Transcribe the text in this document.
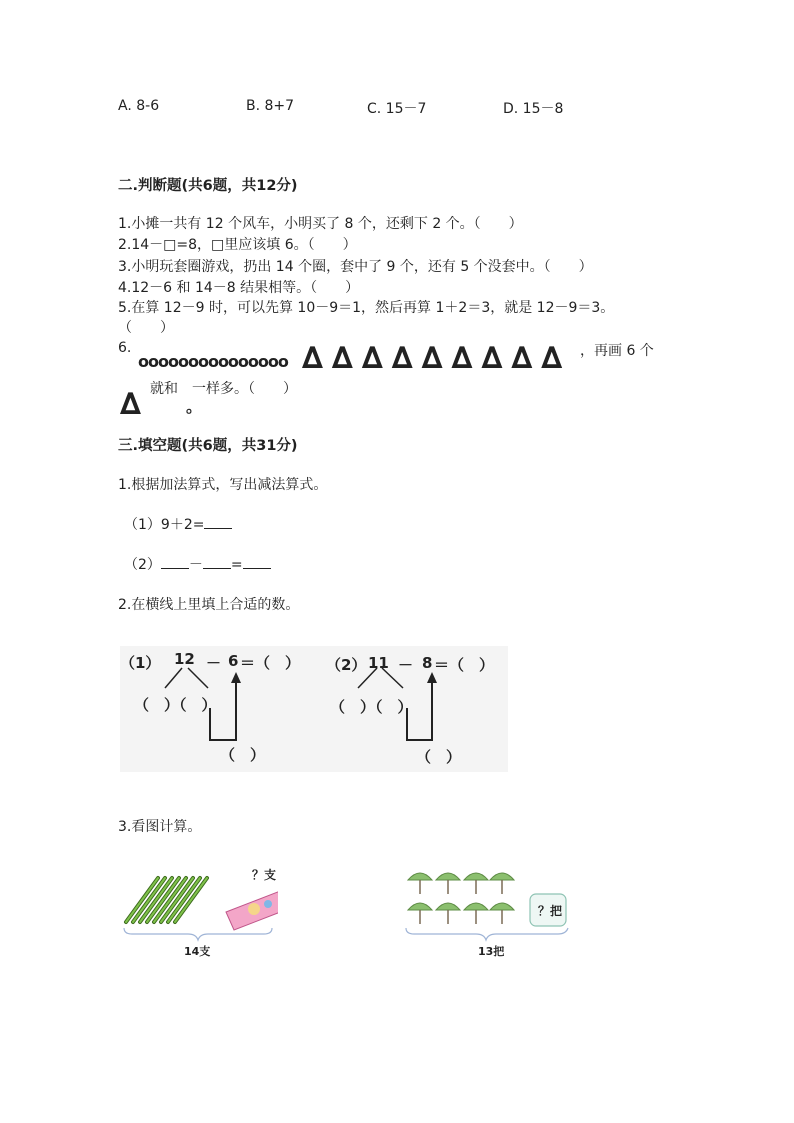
A. 8-6	B. 8+7	C. 15－7	D. 15－8
二.判断题(共6题，共12分)
1.小摊一共有 12 个风车，小明买了 8 个，还剩下 2 个。（　　）
2.14－□=8，□里应该填 6。（　　）
3.小明玩套圈游戏，扔出 14 个圈，套中了 9 个，还有 5 个没套中。（　　）
4.12－6 和 14－8 结果相等。（　　）
5.在算 12－9 时，可以先算 10－9＝1，然后再算 1＋2＝3，就是 12－9＝3。
（　　）
6.
ooooooooooooooo ∆ ∆ ∆ ∆ ∆ ∆ ∆ ∆ ∆ ，再画 6 个
就和　一样多。（　　）
∆	。
三.填空题(共6题，共31分)
1.根据加法算式，写出减法算式。
（1）9＋2=
（2） － =
2.在横线上里填上合适的数。
（1） 12 － 6 ＝（　）
（　）（　）
（　）
（2） 11 － 8 ＝（　）
（　）（　）
（　）
3.看图计算。
？支
14支
？把
13把
